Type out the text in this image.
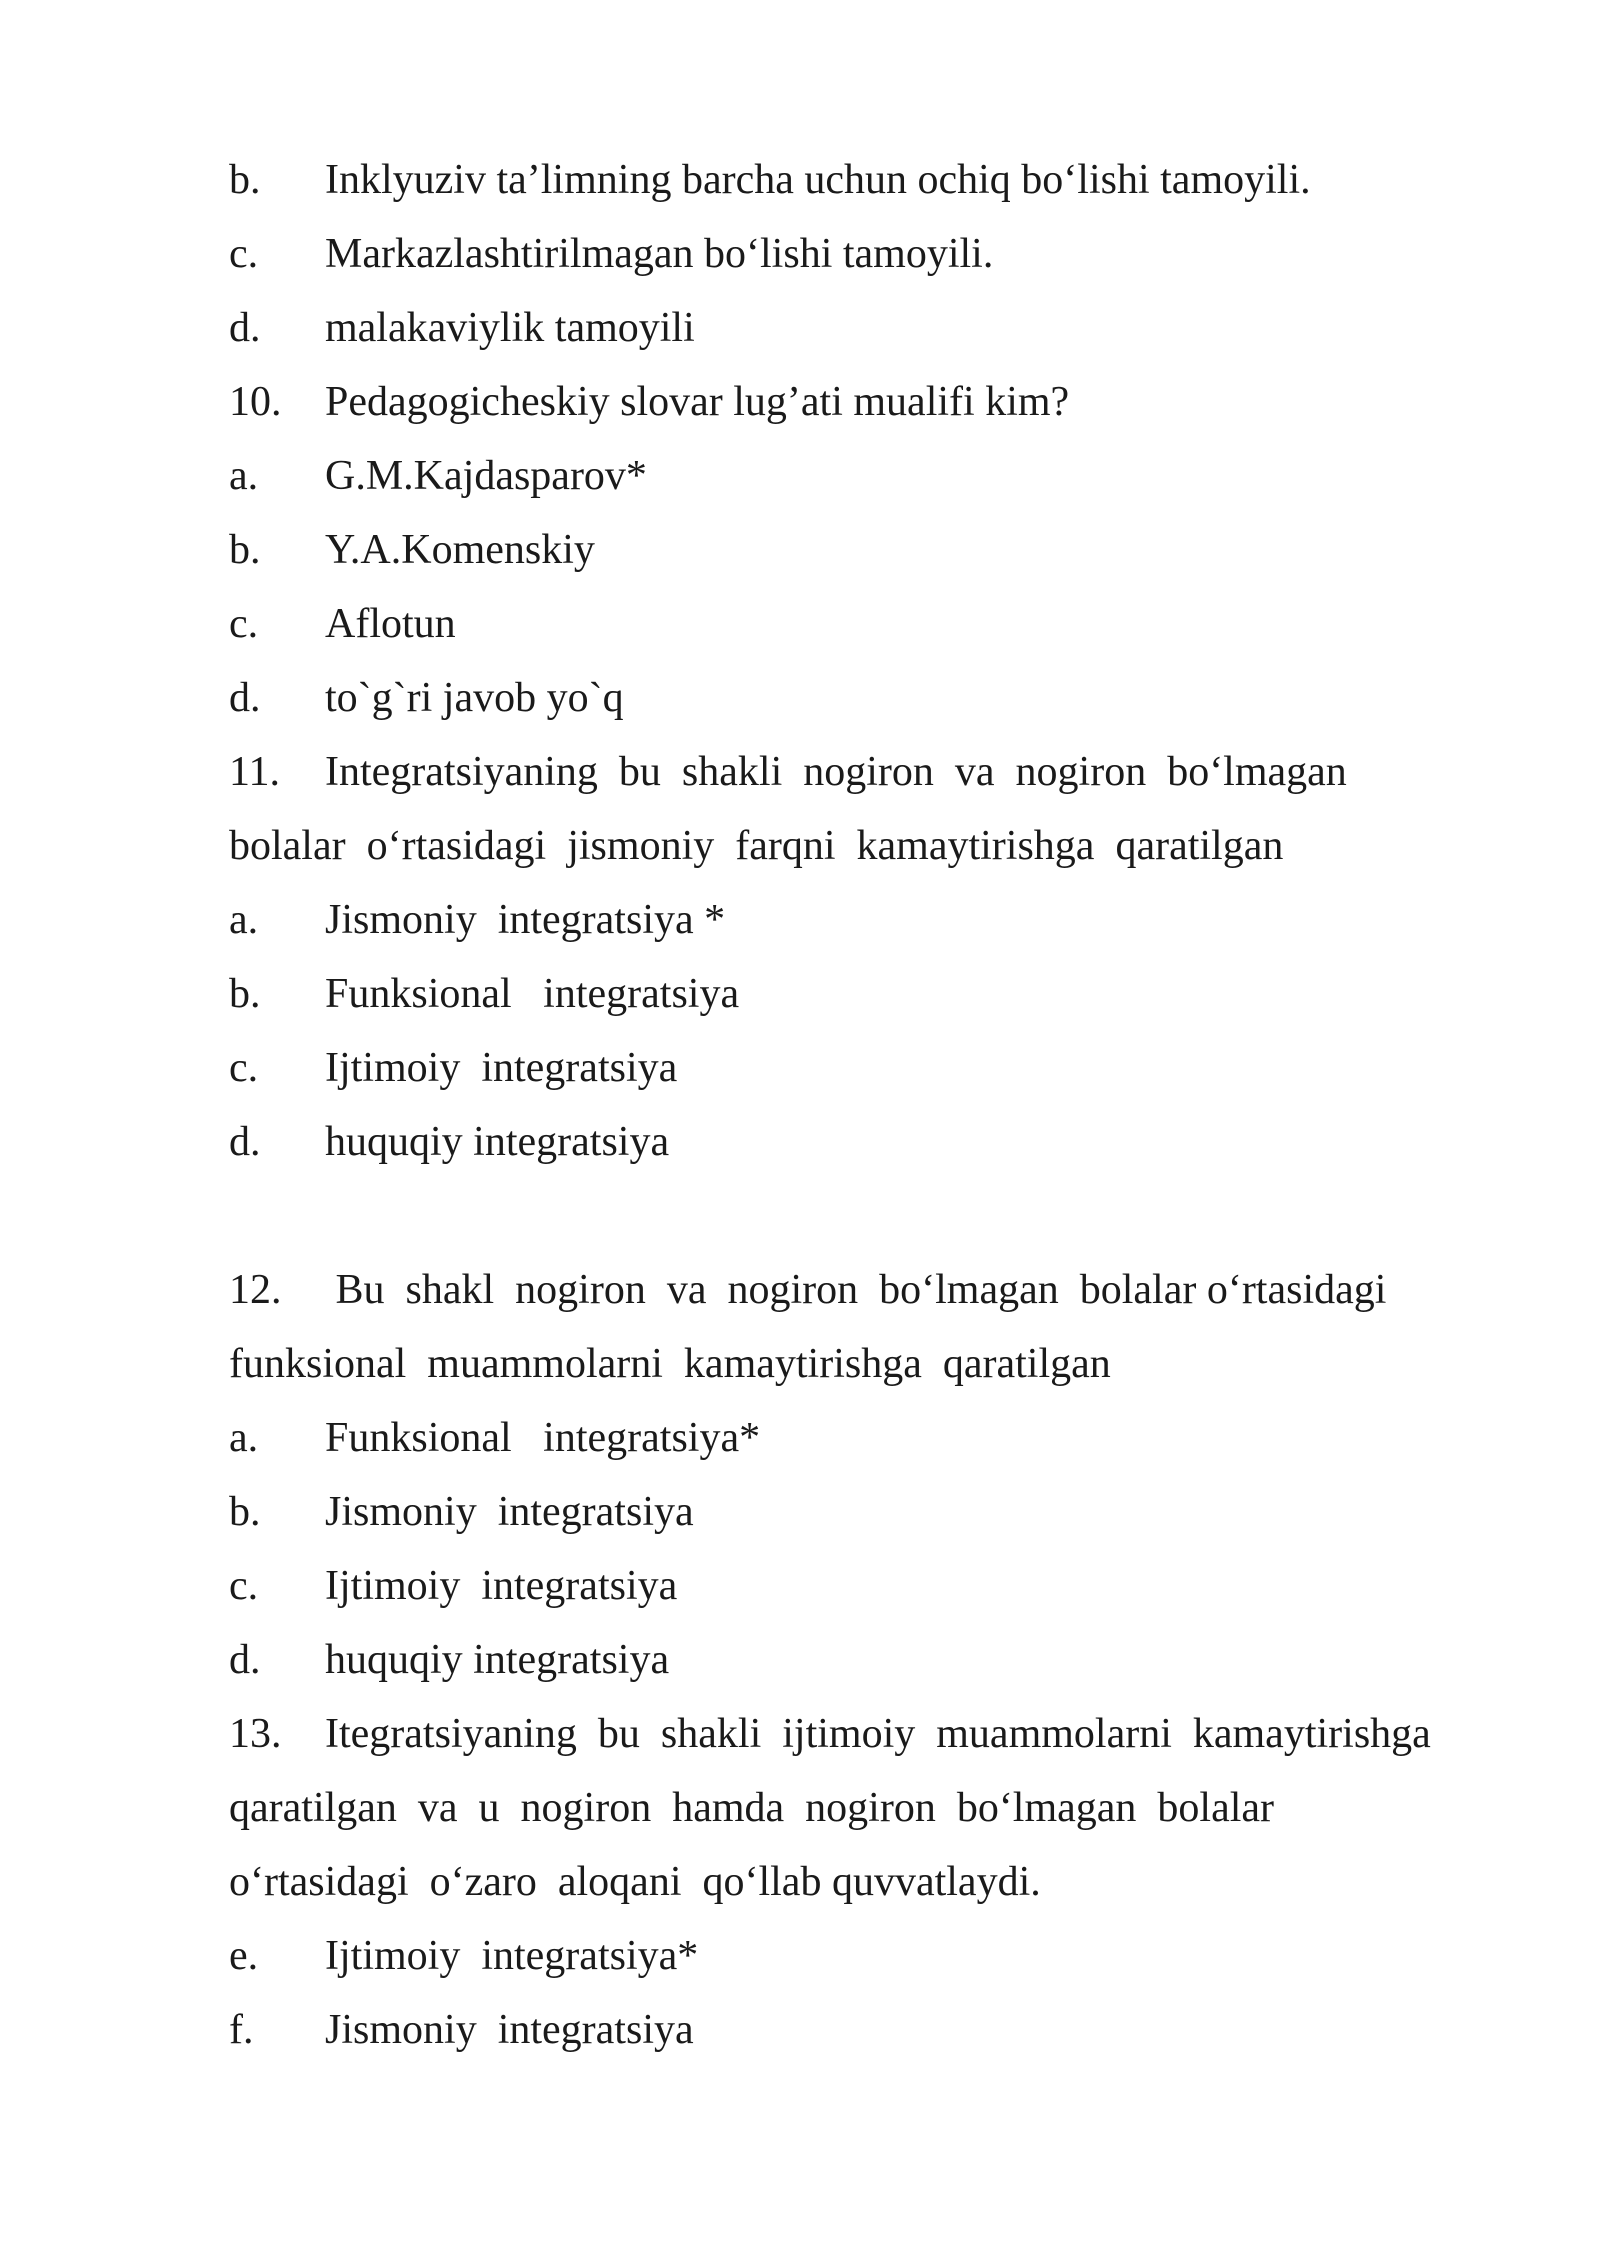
b. Inklyuziv ta’limning barcha uchun ochiq bo‘lishi tamoyili.
c. Markazlashtirilmagan bo‘lishi tamoyili.
d. malakaviylik tamoyili
10. Pedagogicheskiy slovar lug’ati mualifi kim?
a. G.M.Kajdasparov*
b. Y.A.Komenskiy
c. Aflotun
d. to`g`ri javob yo`q
11. Integratsiyaning  bu  shakli  nogiron  va  nogiron  bo‘lmagan
bolalar  o‘rtasidagi  jismoniy  farqni  kamaytirishga  qaratilgan
a. Jismoniy  integratsiya *
b. Funksional   integratsiya
c. Ijtimoiy  integratsiya
d. huquqiy integratsiya
12. Bu  shakl  nogiron  va  nogiron  bo‘lmagan  bolalar o‘rtasidagi
funksional  muammolarni  kamaytirishga  qaratilgan
a. Funksional   integratsiya*
b. Jismoniy  integratsiya
c. Ijtimoiy  integratsiya
d. huquqiy integratsiya
13. Itegratsiyaning  bu  shakli  ijtimoiy  muammolarni  kamaytirishga
qaratilgan  va  u  nogiron  hamda  nogiron  bo‘lmagan  bolalar
o‘rtasidagi  o‘zaro  aloqani  qo‘llab quvvatlaydi.
e. Ijtimoiy  integratsiya*
f. Jismoniy  integratsiya
